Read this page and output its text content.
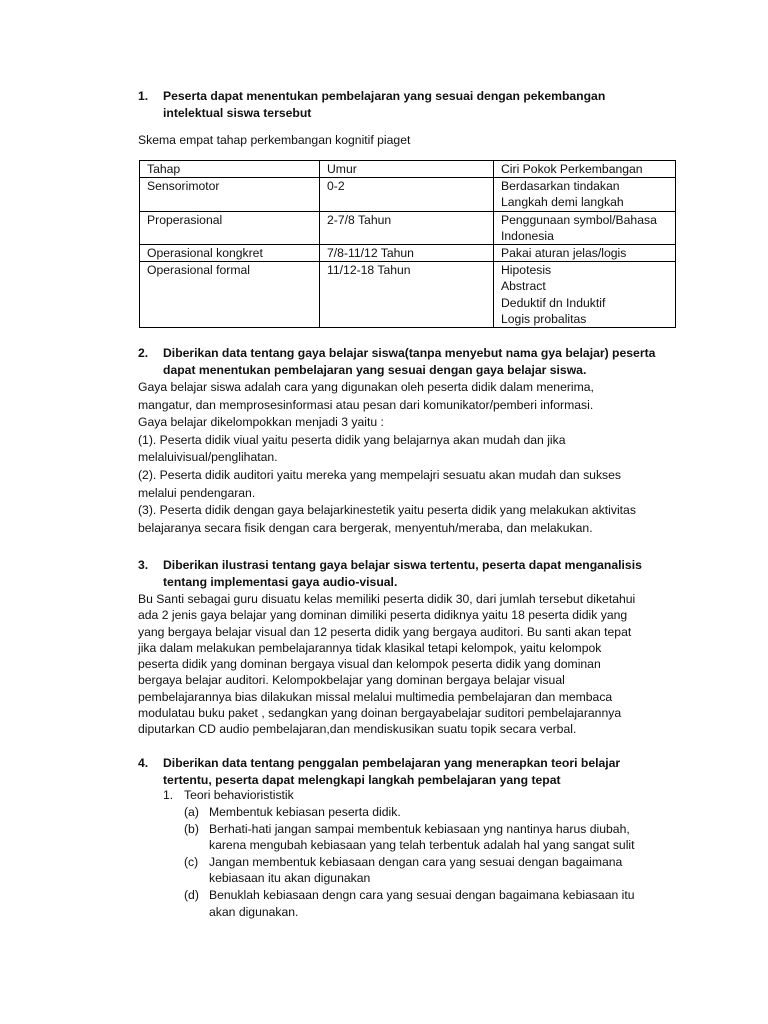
1. Peserta dapat menentukan pembelajaran yang sesuai dengan pekembangan
intelektual siswa tersebut
Skema empat tahap perkembangan kognitif piaget
Tahap	Umur	Ciri Pokok Perkembangan
Sensorimotor	0-2	Berdasarkan tindakan
Langkah demi langkah

Properasional	2-7/8 Tahun	Penggunaan symbol/Bahasa
Indonesia

Operasional kongkret	7/8-11/12 Tahun	Pakai aturan jelas/logis

Operasional formal	11/12-18 Tahun	Hipotesis
Abstract
Deduktif dn Induktif
Logis probalitas
2. Diberikan data tentang gaya belajar siswa(tanpa menyebut nama gya belajar) peserta
dapat menentukan pembelajaran yang sesuai dengan gaya belajar siswa.
Gaya belajar siswa adalah cara yang digunakan oleh peserta didik dalam menerima,
mangatur, dan memprosesinformasi atau pesan dari komunikator/pemberi informasi.
Gaya belajar dikelompokkan menjadi 3 yaitu :
(1). Peserta didik viual yaitu peserta didik yang belajarnya akan mudah dan jika
melaluivisual/penglihatan.
(2). Peserta didik auditori yaitu mereka yang mempelajri sesuatu akan mudah dan sukses
melalui pendengaran.
(3). Peserta didik dengan gaya belajarkinestetik yaitu peserta didik yang melakukan aktivitas
belajaranya secara fisik dengan cara bergerak, menyentuh/meraba, dan melakukan.
3. Diberikan ilustrasi tentang gaya belajar siswa tertentu, peserta dapat menganalisis
tentang implementasi gaya audio-visual.
Bu Santi sebagai guru disuatu kelas memiliki peserta didik 30, dari jumlah tersebut diketahui
ada 2 jenis gaya belajar yang dominan dimiliki peserta didiknya yaitu 18 peserta didik yang
yang bergaya belajar visual dan 12 peserta didik yang bergaya auditori. Bu santi akan tepat
jika dalam melakukan pembelajarannya tidak klasikal tetapi kelompok, yaitu kelompok
peserta didik yang dominan bergaya visual dan kelompok peserta didik yang dominan
bergaya belajar auditori. Kelompokbelajar yang dominan bergaya belajar visual
pembelajarannya bias dilakukan missal melalui multimedia pembelajaran dan membaca
modulatau buku paket , sedangkan yang doinan bergayabelajar suditori pembelajarannya
diputarkan CD audio pembelajaran,dan mendiskusikan suatu topik secara verbal.
4. Diberikan data tentang penggalan pembelajaran yang menerapkan teori belajar
tertentu, peserta dapat melengkapi langkah pembelajaran yang tepat
1. Teori behaviorististik
(a) Membentuk kebiasan peserta didik.
(b) Berhati-hati jangan sampai membentuk kebiasaan yng nantinya harus diubah,
karena mengubah kebiasaan yang telah terbentuk adalah hal yang sangat sulit
(c) Jangan membentuk kebiasaan dengan cara yang sesuai dengan bagaimana
kebiasaan itu akan digunakan
(d) Benuklah kebiasaan dengn cara yang sesuai dengan bagaimana kebiasaan itu
akan digunakan.
